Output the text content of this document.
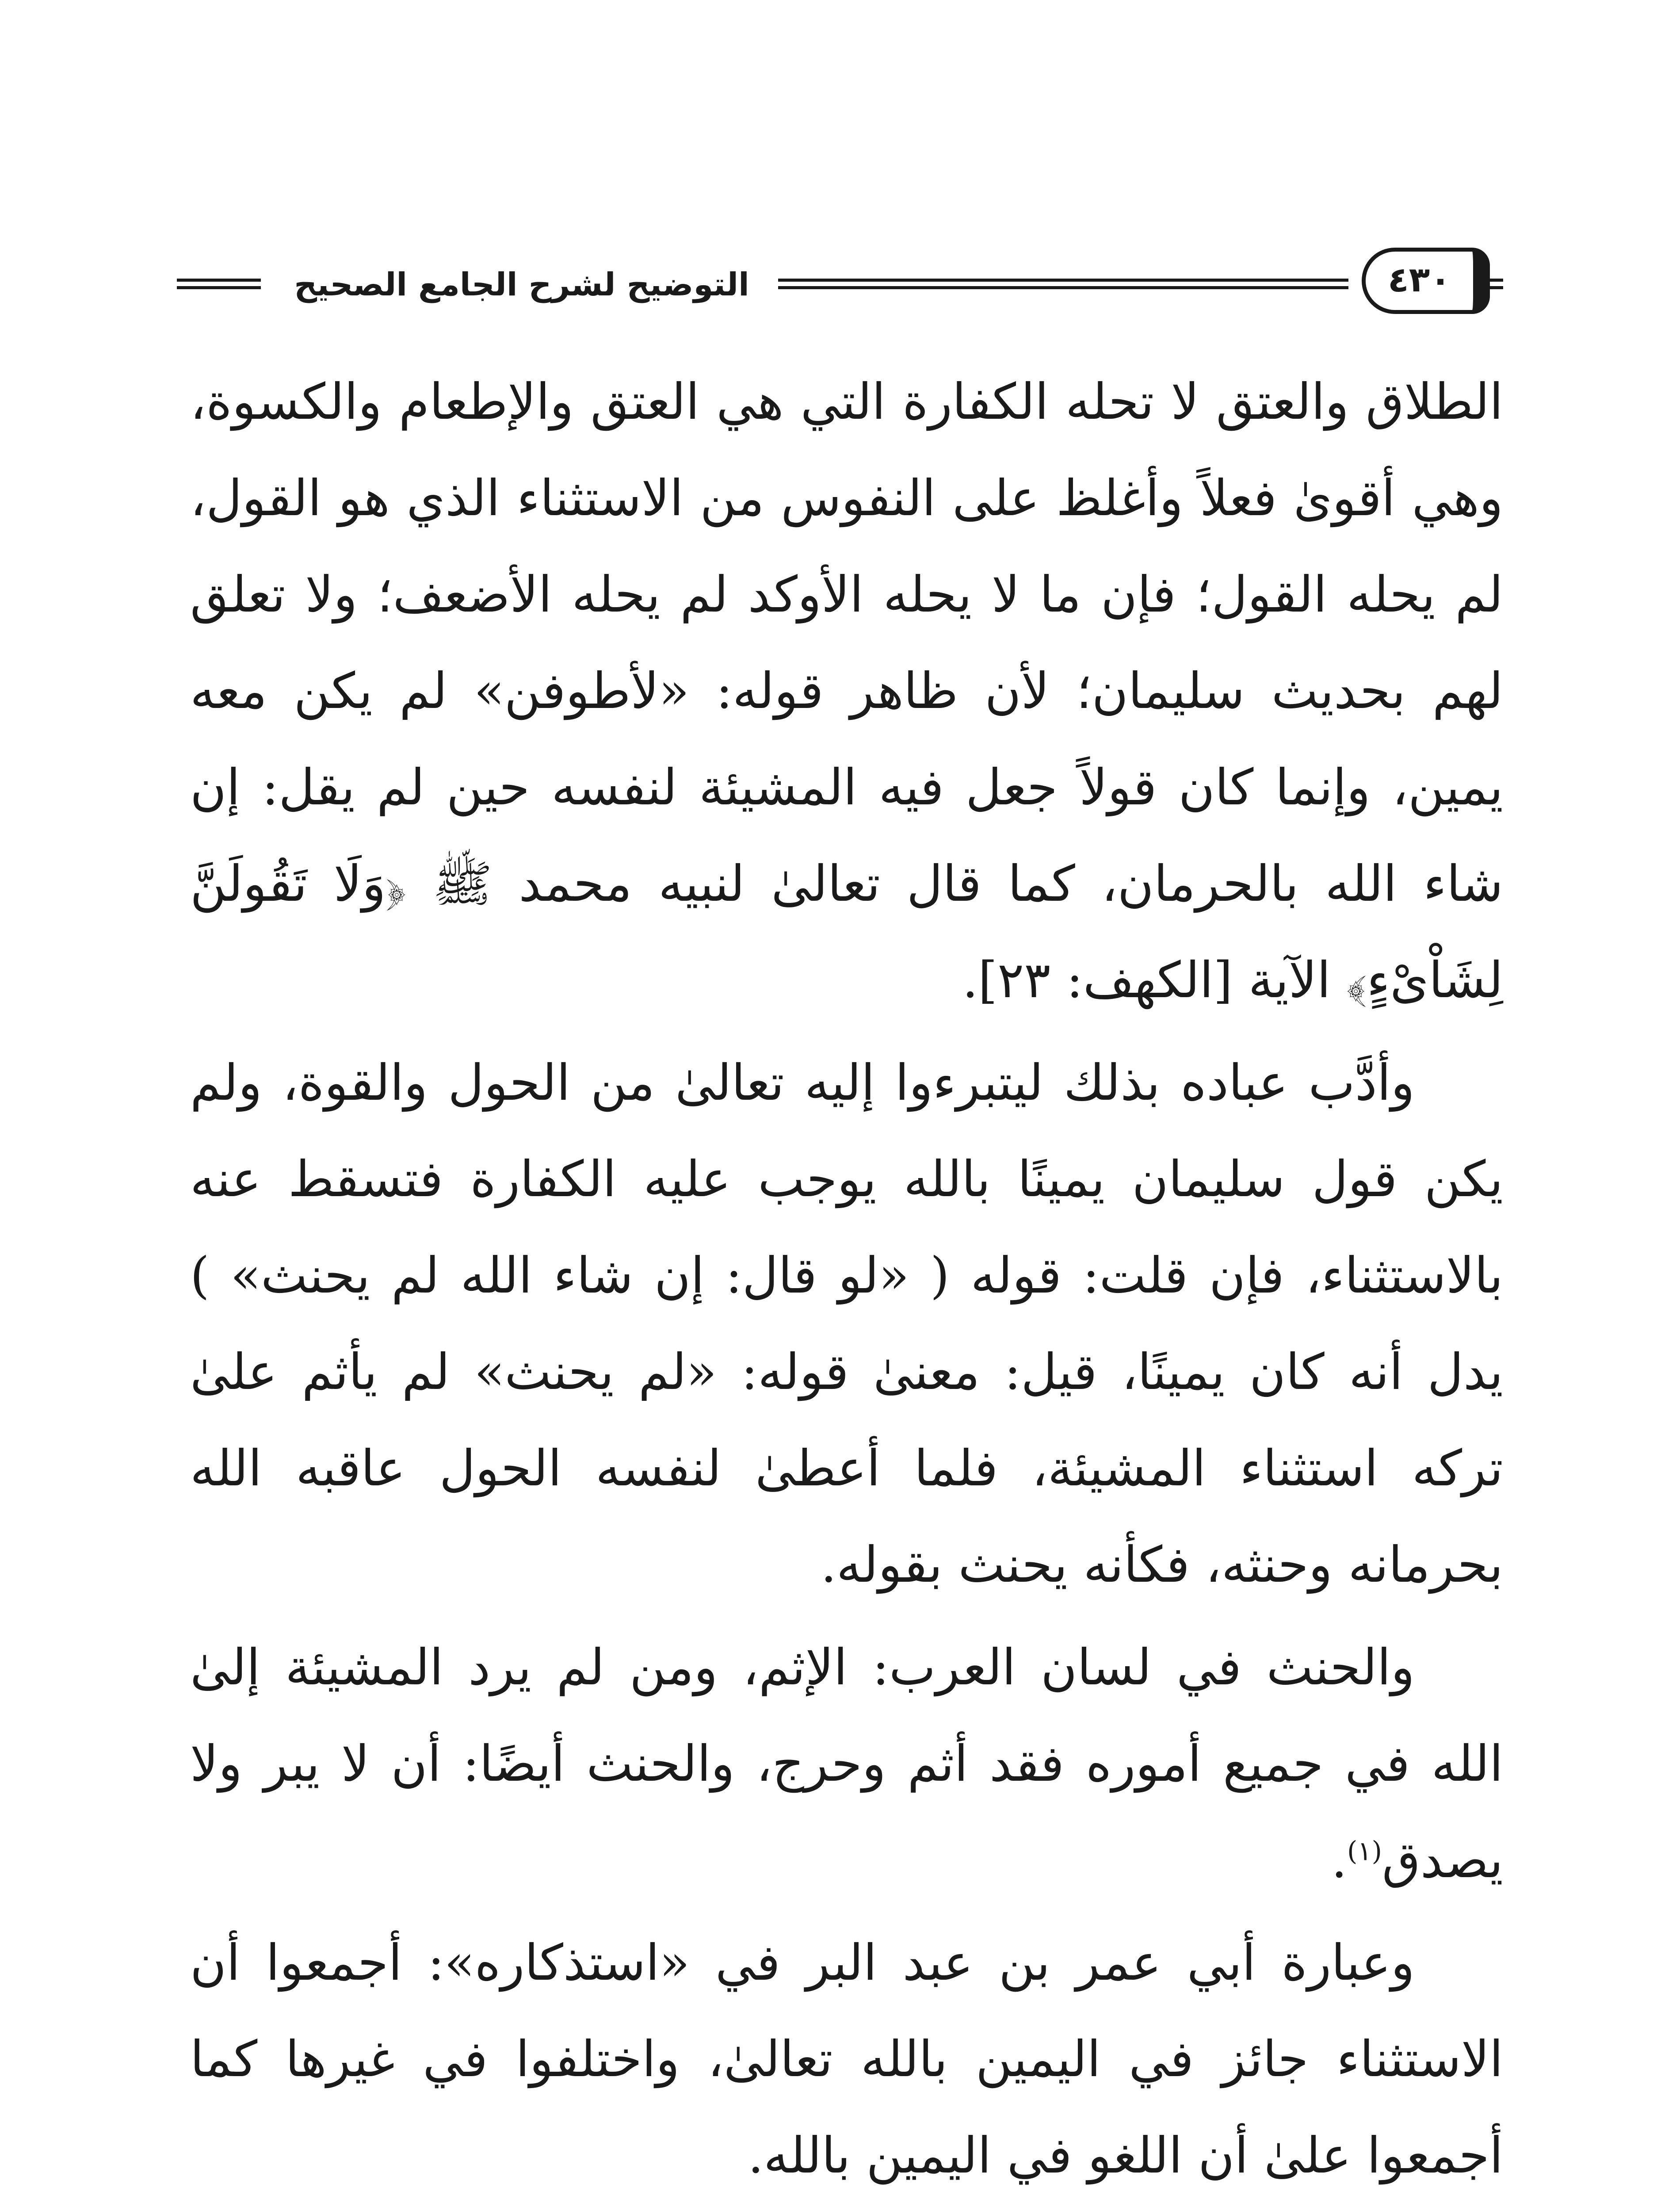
التوضيح لشرح الجامع الصحيح	٤٣٠

الطلاق والعتق لا تحله الكفارة التي هي العتق والإطعام والكسوة، وهي أقوىٰ فعلاً وأغلظ على النفوس من الاستثناء الذي هو القول، لم يحله القول؛ فإن ما لا يحله الأوكد لم يحله الأضعف؛ ولا تعلق لهم بحديث سليمان؛ لأن ظاهر قوله: «لأطوفن» لم يكن معه يمين، وإنما كان قولاً جعل فيه المشيئة لنفسه حين لم يقل: إن شاء الله بالحرمان، كما قال تعالىٰ لنبيه محمد ﷺ ﴿وَلَا تَقُولَنَّ لِشَاْىْءٍ﴾ الآية [الكهف: ٢٣].

وأدَّب عباده بذلك ليتبرءوا إليه تعالىٰ من الحول والقوة، ولم يكن قول سليمان يمينًا بالله يوجب عليه الكفارة فتسقط عنه بالاستثناء، فإن قلت: قوله ( «لو قال: إن شاء الله لم يحنث» ) يدل أنه كان يمينًا، قيل: معنىٰ قوله: «لم يحنث» لم يأثم علىٰ تركه استثناء المشيئة، فلما أعطىٰ لنفسه الحول عاقبه الله بحرمانه وحنثه، فكأنه يحنث بقوله.

والحنث في لسان العرب: الإثم، ومن لم يرد المشيئة إلىٰ الله في جميع أموره فقد أثم وحرج، والحنث أيضًا: أن لا يبر ولا يصدق$^{(١)}$.

وعبارة أبي عمر بن عبد البر في «استذكاره»: أجمعوا أن الاستثناء جائز في اليمين بالله تعالىٰ، واختلفوا في غيرها كما أجمعوا علىٰ أن اللغو في اليمين بالله.
